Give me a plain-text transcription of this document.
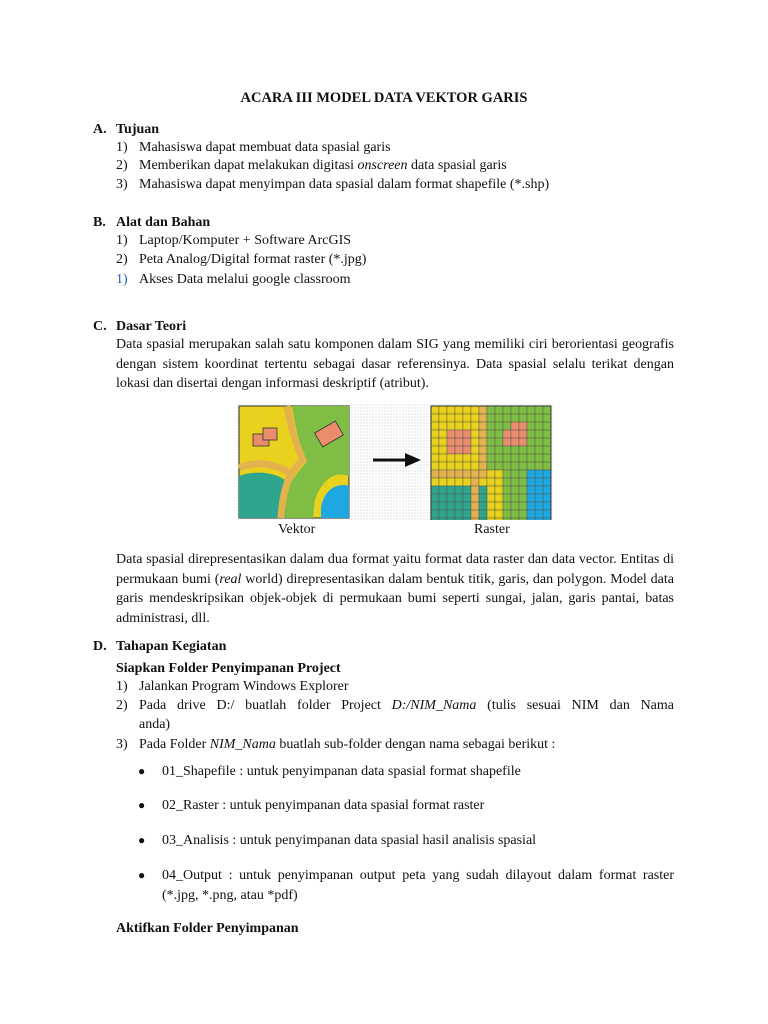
ACARA III MODEL DATA VEKTOR GARIS
A. Tujuan
1) Mahasiswa dapat membuat data spasial garis
2) Memberikan dapat melakukan digitasi onscreen data spasial garis
3) Mahasiswa dapat menyimpan data spasial dalam format shapefile (*.shp)
B. Alat dan Bahan
1) Laptop/Komputer + Software ArcGIS
2) Peta Analog/Digital format raster (*.jpg)
1) Akses Data melalui google classroom
C. Dasar Teori
Data spasial merupakan salah satu komponen dalam SIG yang memiliki ciri berorientasi geografis dengan sistem koordinat tertentu sebagai dasar referensinya. Data spasial selalu terikat dengan lokasi dan disertai dengan informasi deskriptif (atribut).
Vektor	Raster
Data spasial direpresentasikan dalam dua format yaitu format data raster dan data vector. Entitas di permukaan bumi (real world) direpresentasikan dalam bentuk titik, garis, dan polygon. Model data garis mendeskripsikan objek-objek di permukaan bumi seperti sungai, jalan, garis pantai, batas administrasi, dll.
D. Tahapan Kegiatan
Siapkan Folder Penyimpanan Project
1) Jalankan Program Windows Explorer
2) Pada drive D:/ buatlah folder Project D:/NIM_Nama (tulis sesuai NIM dan Nama
anda)
3) Pada Folder NIM_Nama buatlah sub-folder dengan nama sebagai berikut :
● 01_Shapefile : untuk penyimpanan data spasial format shapefile
● 02_Raster : untuk penyimpanan data spasial format raster
● 03_Analisis : untuk penyimpanan data spasial hasil analisis spasial
● 04_Output : untuk penyimpanan output peta yang sudah dilayout dalam format raster (*.jpg, *.png, atau *pdf)
Aktifkan Folder Penyimpanan
